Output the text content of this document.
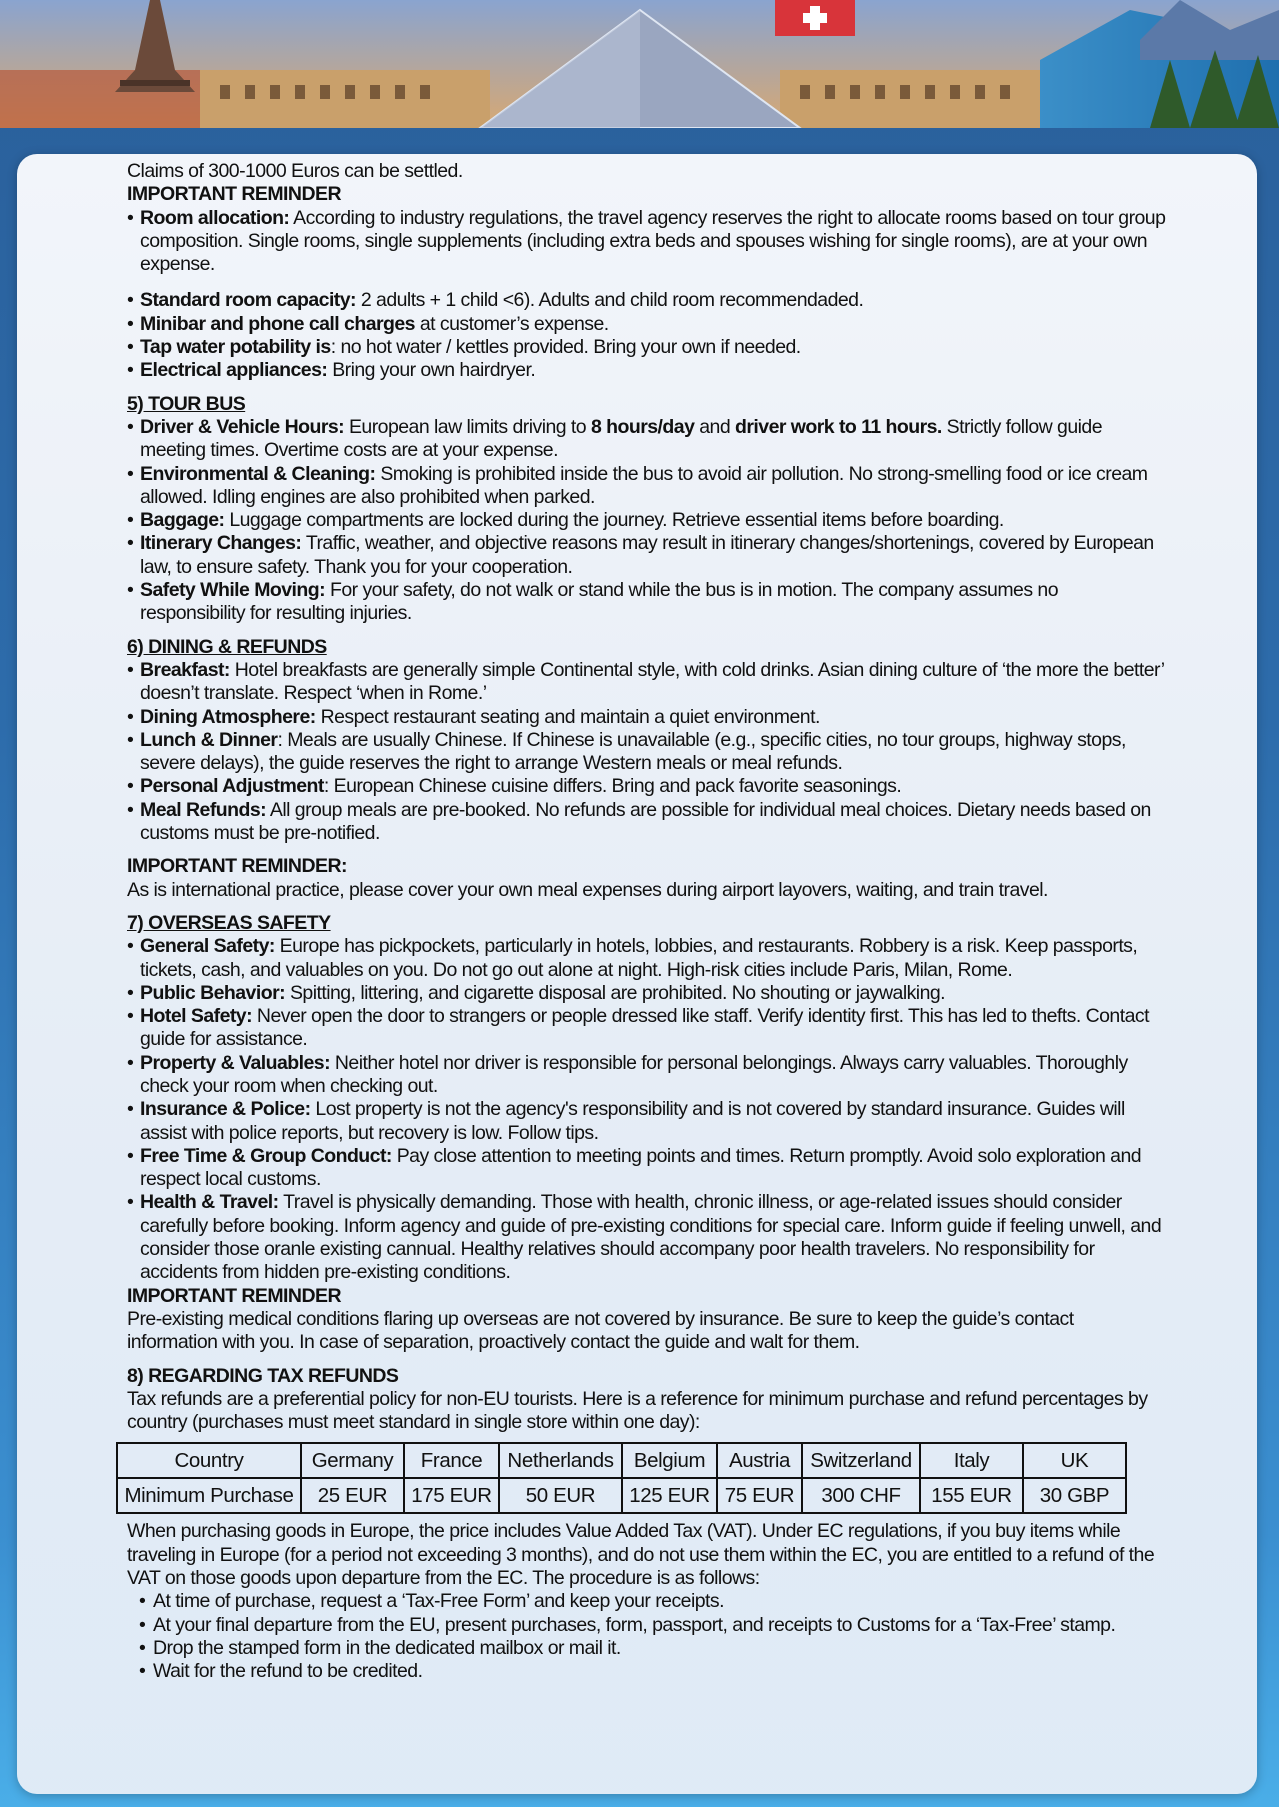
Claims of 300-1000 Euros can be settled.

IMPORTANT REMINDER

• Room allocation: According to industry regulations, the travel agency reserves the right to allocate rooms based on tour group composition. Single rooms, single supplements (including extra beds and spouses wishing for single rooms), are at your own expense.
• Standard room capacity: 2 adults + 1 child <6). Adults and child room recommendaded.
• Minibar and phone call charges at customer’s expense.
• Tap water potability is: no hot water / kettles provided. Bring your own if needed.
• Electrical appliances: Bring your own hairdryer.

5) TOUR BUS

• Driver & Vehicle Hours: European law limits driving to 8 hours/day and driver work to 11 hours. Strictly follow guide meeting times. Overtime costs are at your expense.
• Environmental & Cleaning: Smoking is prohibited inside the bus to avoid air pollution. No strong-smelling food or ice cream allowed. Idling engines are also prohibited when parked.
• Baggage: Luggage compartments are locked during the journey. Retrieve essential items before boarding.
• Itinerary Changes: Traffic, weather, and objective reasons may result in itinerary changes/shortenings, covered by European law, to ensure safety. Thank you for your cooperation.
• Safety While Moving: For your safety, do not walk or stand while the bus is in motion. The company assumes no responsibility for resulting injuries.

6) DINING & REFUNDS

• Breakfast: Hotel breakfasts are generally simple Continental style, with cold drinks. Asian dining culture of ‘the more the better’ doesn’t translate. Respect ‘when in Rome.’
• Dining Atmosphere: Respect restaurant seating and maintain a quiet environment.
• Lunch & Dinner: Meals are usually Chinese. If Chinese is unavailable (e.g., specific cities, no tour groups, highway stops, severe delays), the guide reserves the right to arrange Western meals or meal refunds.
• Personal Adjustment: European Chinese cuisine differs. Bring and pack favorite seasonings.
• Meal Refunds: All group meals are pre-booked. No refunds are possible for individual meal choices. Dietary needs based on customs must be pre-notified.

IMPORTANT REMINDER:

As is international practice, please cover your own meal expenses during airport layovers, waiting, and train travel.

7) OVERSEAS SAFETY

• General Safety: Europe has pickpockets, particularly in hotels, lobbies, and restaurants. Robbery is a risk. Keep passports, tickets, cash, and valuables on you. Do not go out alone at night. High-risk cities include Paris, Milan, Rome.
• Public Behavior: Spitting, littering, and cigarette disposal are prohibited. No shouting or jaywalking.
• Hotel Safety: Never open the door to strangers or people dressed like staff. Verify identity first. This has led to thefts. Contact guide for assistance.
• Property & Valuables: Neither hotel nor driver is responsible for personal belongings. Always carry valuables. Thoroughly check your room when checking out.
• Insurance & Police: Lost property is not the agency's responsibility and is not covered by standard insurance. Guides will assist with police reports, but recovery is low. Follow tips.
• Free Time & Group Conduct: Pay close attention to meeting points and times. Return promptly. Avoid solo exploration and respect local customs.
• Health & Travel: Travel is physically demanding. Those with health, chronic illness, or age-related issues should consider carefully before booking. Inform agency and guide of pre-existing conditions for special care. Inform guide if feeling unwell, and consider those oranle existing cannual. Healthy relatives should accompany poor health travelers. No responsibility for accidents from hidden pre-existing conditions.

IMPORTANT REMINDER

Pre-existing medical conditions flaring up overseas are not covered by insurance. Be sure to keep the guide’s contact information with you. In case of separation, proactively contact the guide and walt for them.

8) REGARDING TAX REFUNDS

Tax refunds are a preferential policy for non-EU tourists. Here is a reference for minimum purchase and refund percentages by country (purchases must meet standard in single store within one day):

Country	Germany	France	Netherlands	Belgium	Austria	Switzerland	Italy	UK
Minimum Purchase	25 EUR	175 EUR	50 EUR	125 EUR	75 EUR	300 CHF	155 EUR	30 GBP

When purchasing goods in Europe, the price includes Value Added Tax (VAT). Under EC regulations, if you buy items while traveling in Europe (for a period not exceeding 3 months), and do not use them within the EC, you are entitled to a refund of the VAT on those goods upon departure from the EC. The procedure is as follows:

• At time of purchase, request a ‘Tax-Free Form’ and keep your receipts.
• At your final departure from the EU, present purchases, form, passport, and receipts to Customs for a ‘Tax-Free’ stamp.
• Drop the stamped form in the dedicated mailbox or mail it.
• Wait for the refund to be credited.
